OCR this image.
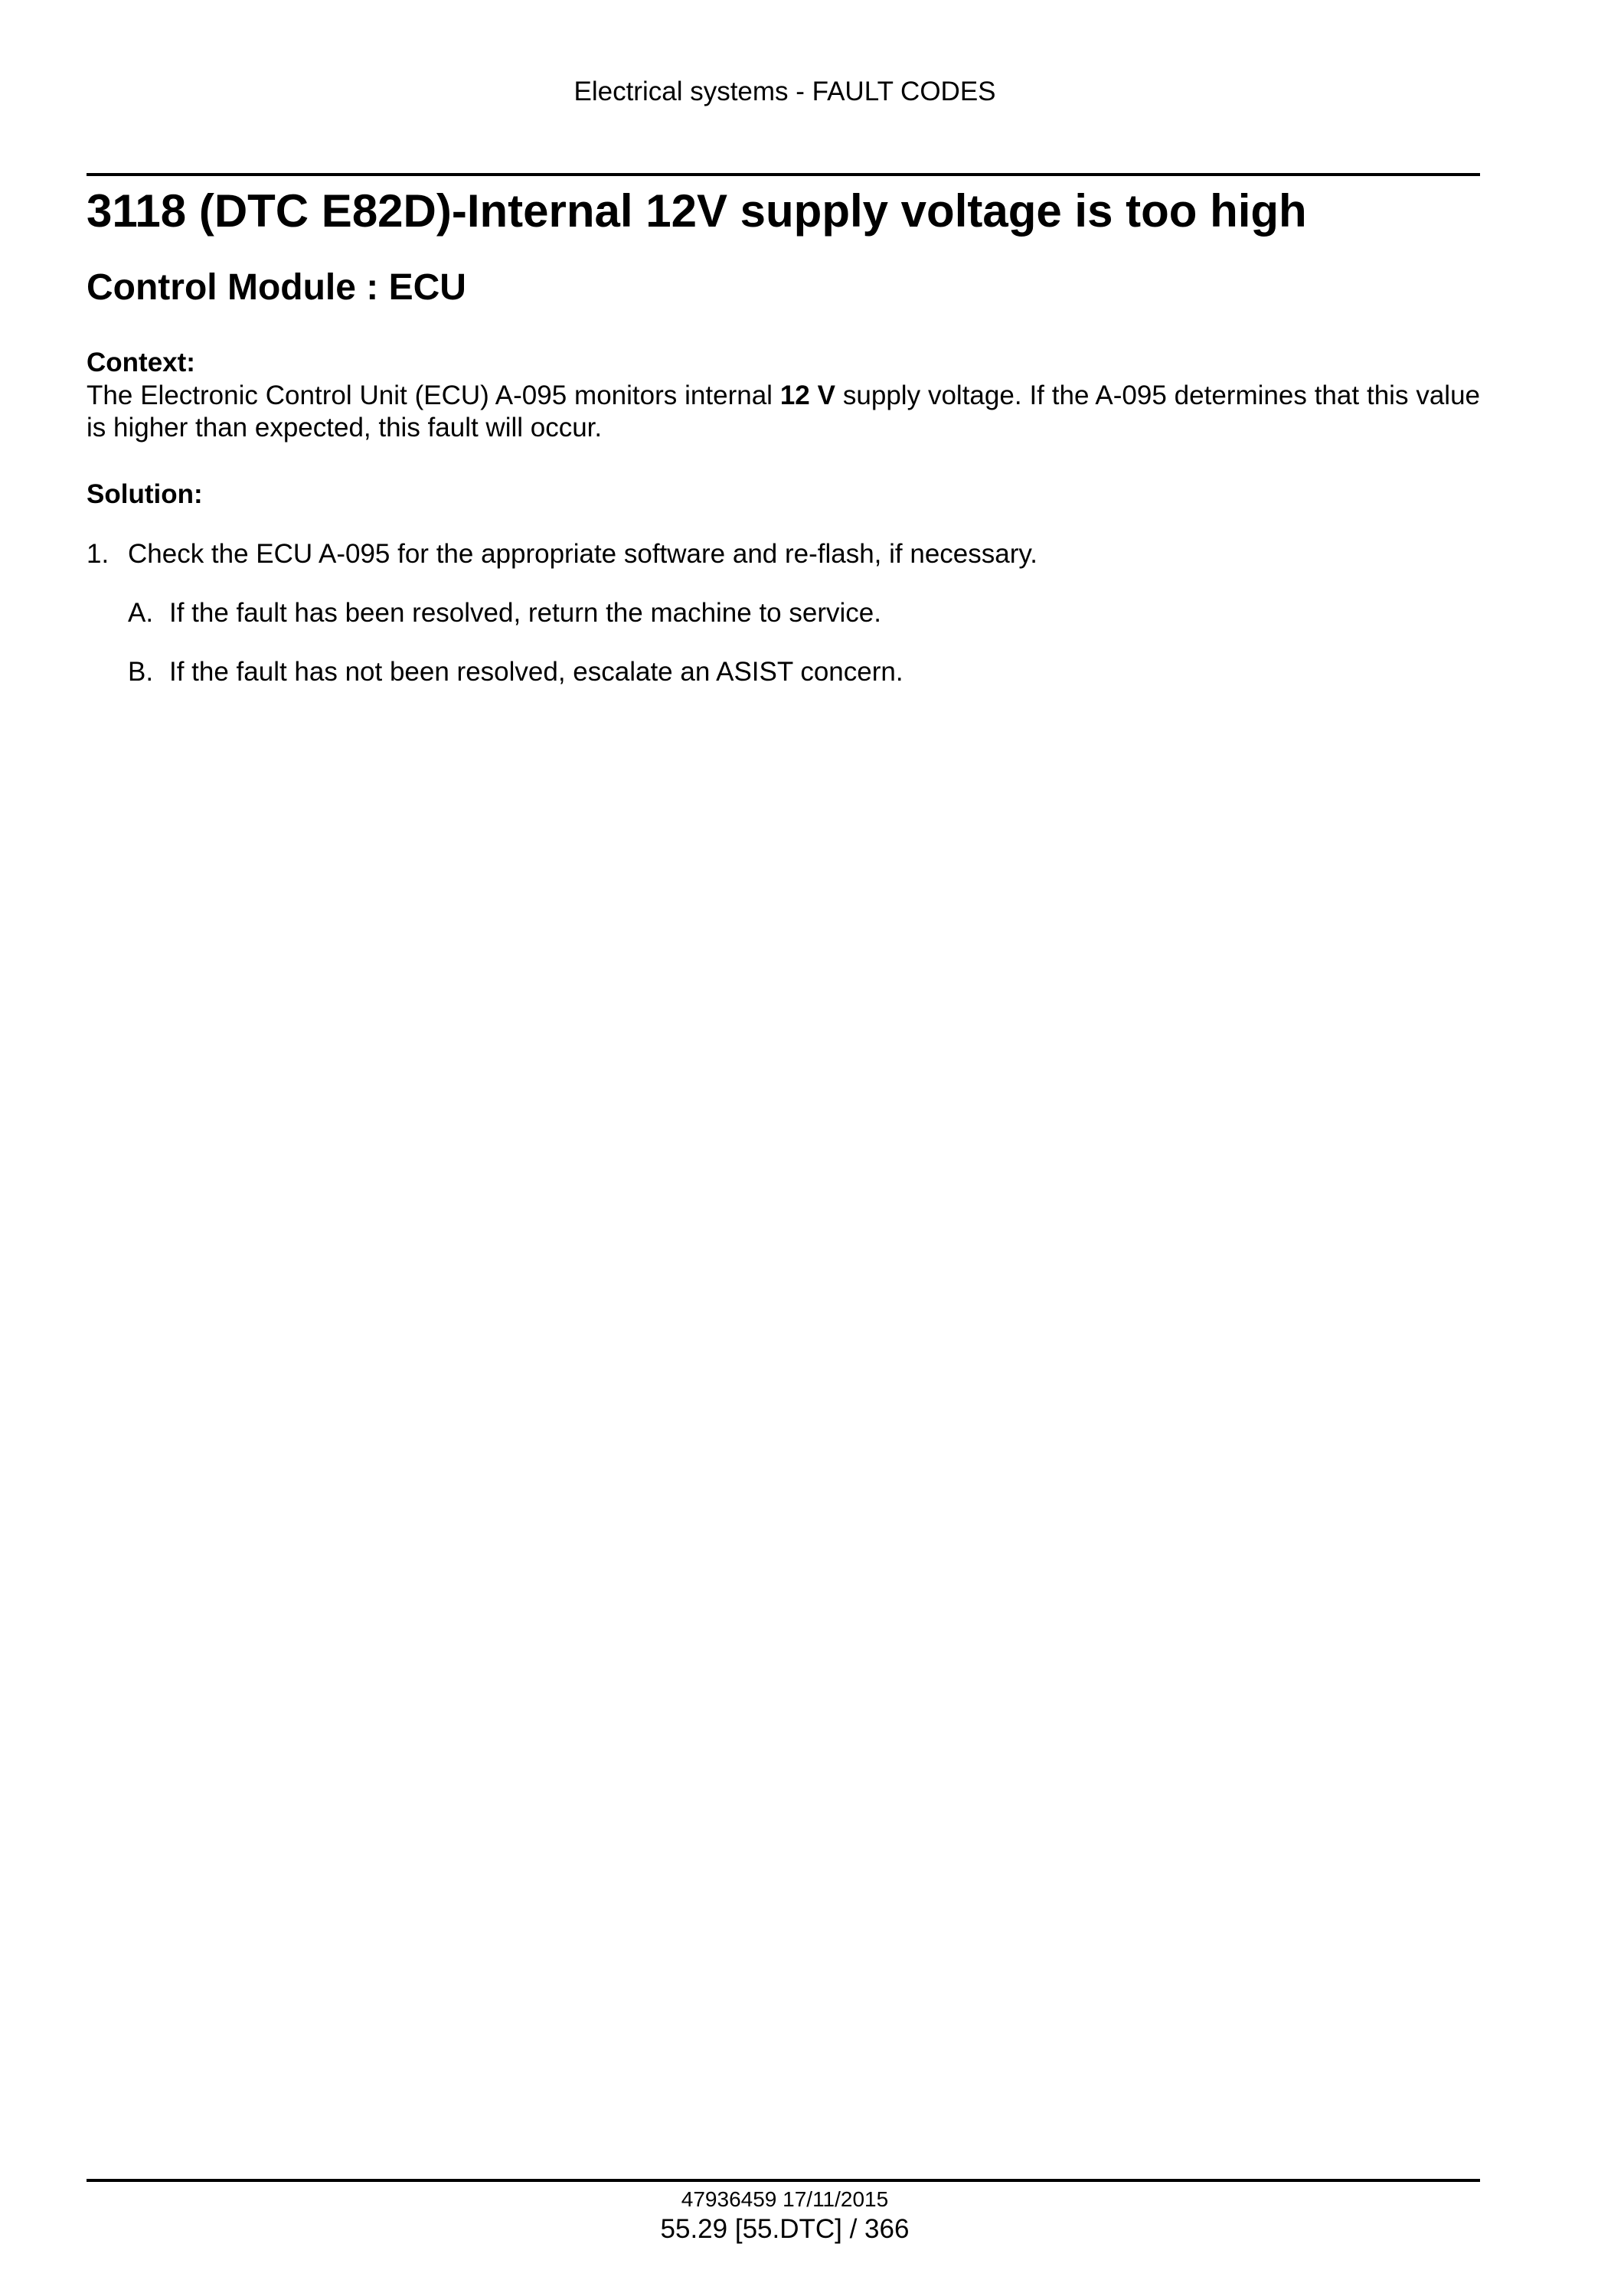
Electrical systems - FAULT CODES
3118 (DTC E82D)-Internal 12V supply voltage is too high
Control Module : ECU
Context:

The Electronic Control Unit (ECU) A-095 monitors internal 12 V supply voltage. If the A-095 determines that this value is higher than expected, this fault will occur.

Solution:
1. Check the ECU A-095 for the appropriate software and re-flash, if necessary.
A. If the fault has been resolved, return the machine to service.
B. If the fault has not been resolved, escalate an ASIST concern.
47936459 17/11/2015
55.29 [55.DTC] / 366
